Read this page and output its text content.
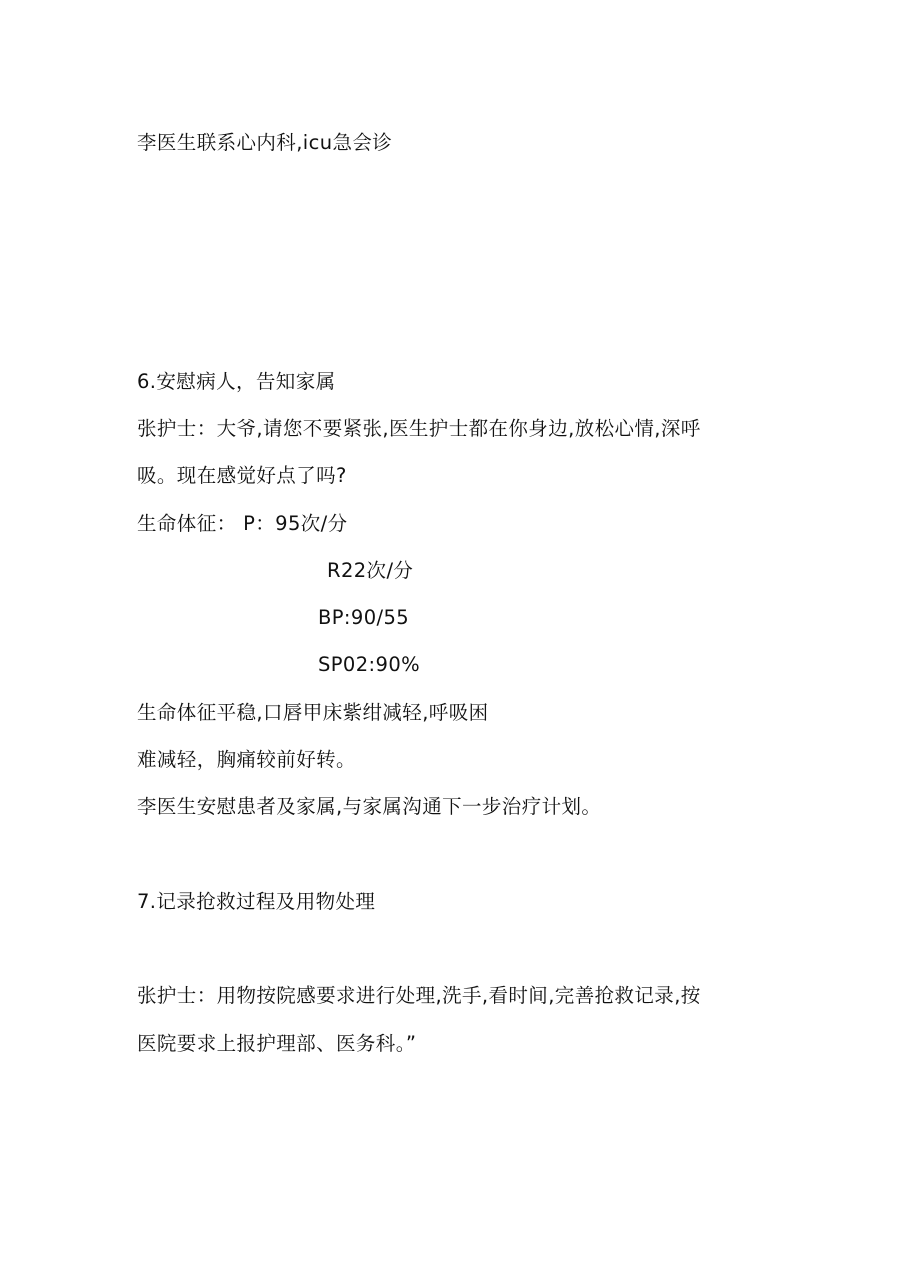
李医生联系心内科,icu急会诊
6.安慰病人，告知家属
张护士：大爷,请您不要紧张,医生护士都在你身边,放松心情,深呼
吸。现在感觉好点了吗?
生命体征： P：95次/分
R22次/分
BP:90/55
SP02:90%
生命体征平稳,口唇甲床紫绀减轻,呼吸困
难减轻，胸痛较前好转。
李医生安慰患者及家属,与家属沟通下一步治疗计划。
7.记录抢救过程及用物处理
张护士：用物按院感要求进行处理,洗手,看时间,完善抢救记录,按
医院要求上报护理部、医务科。”
